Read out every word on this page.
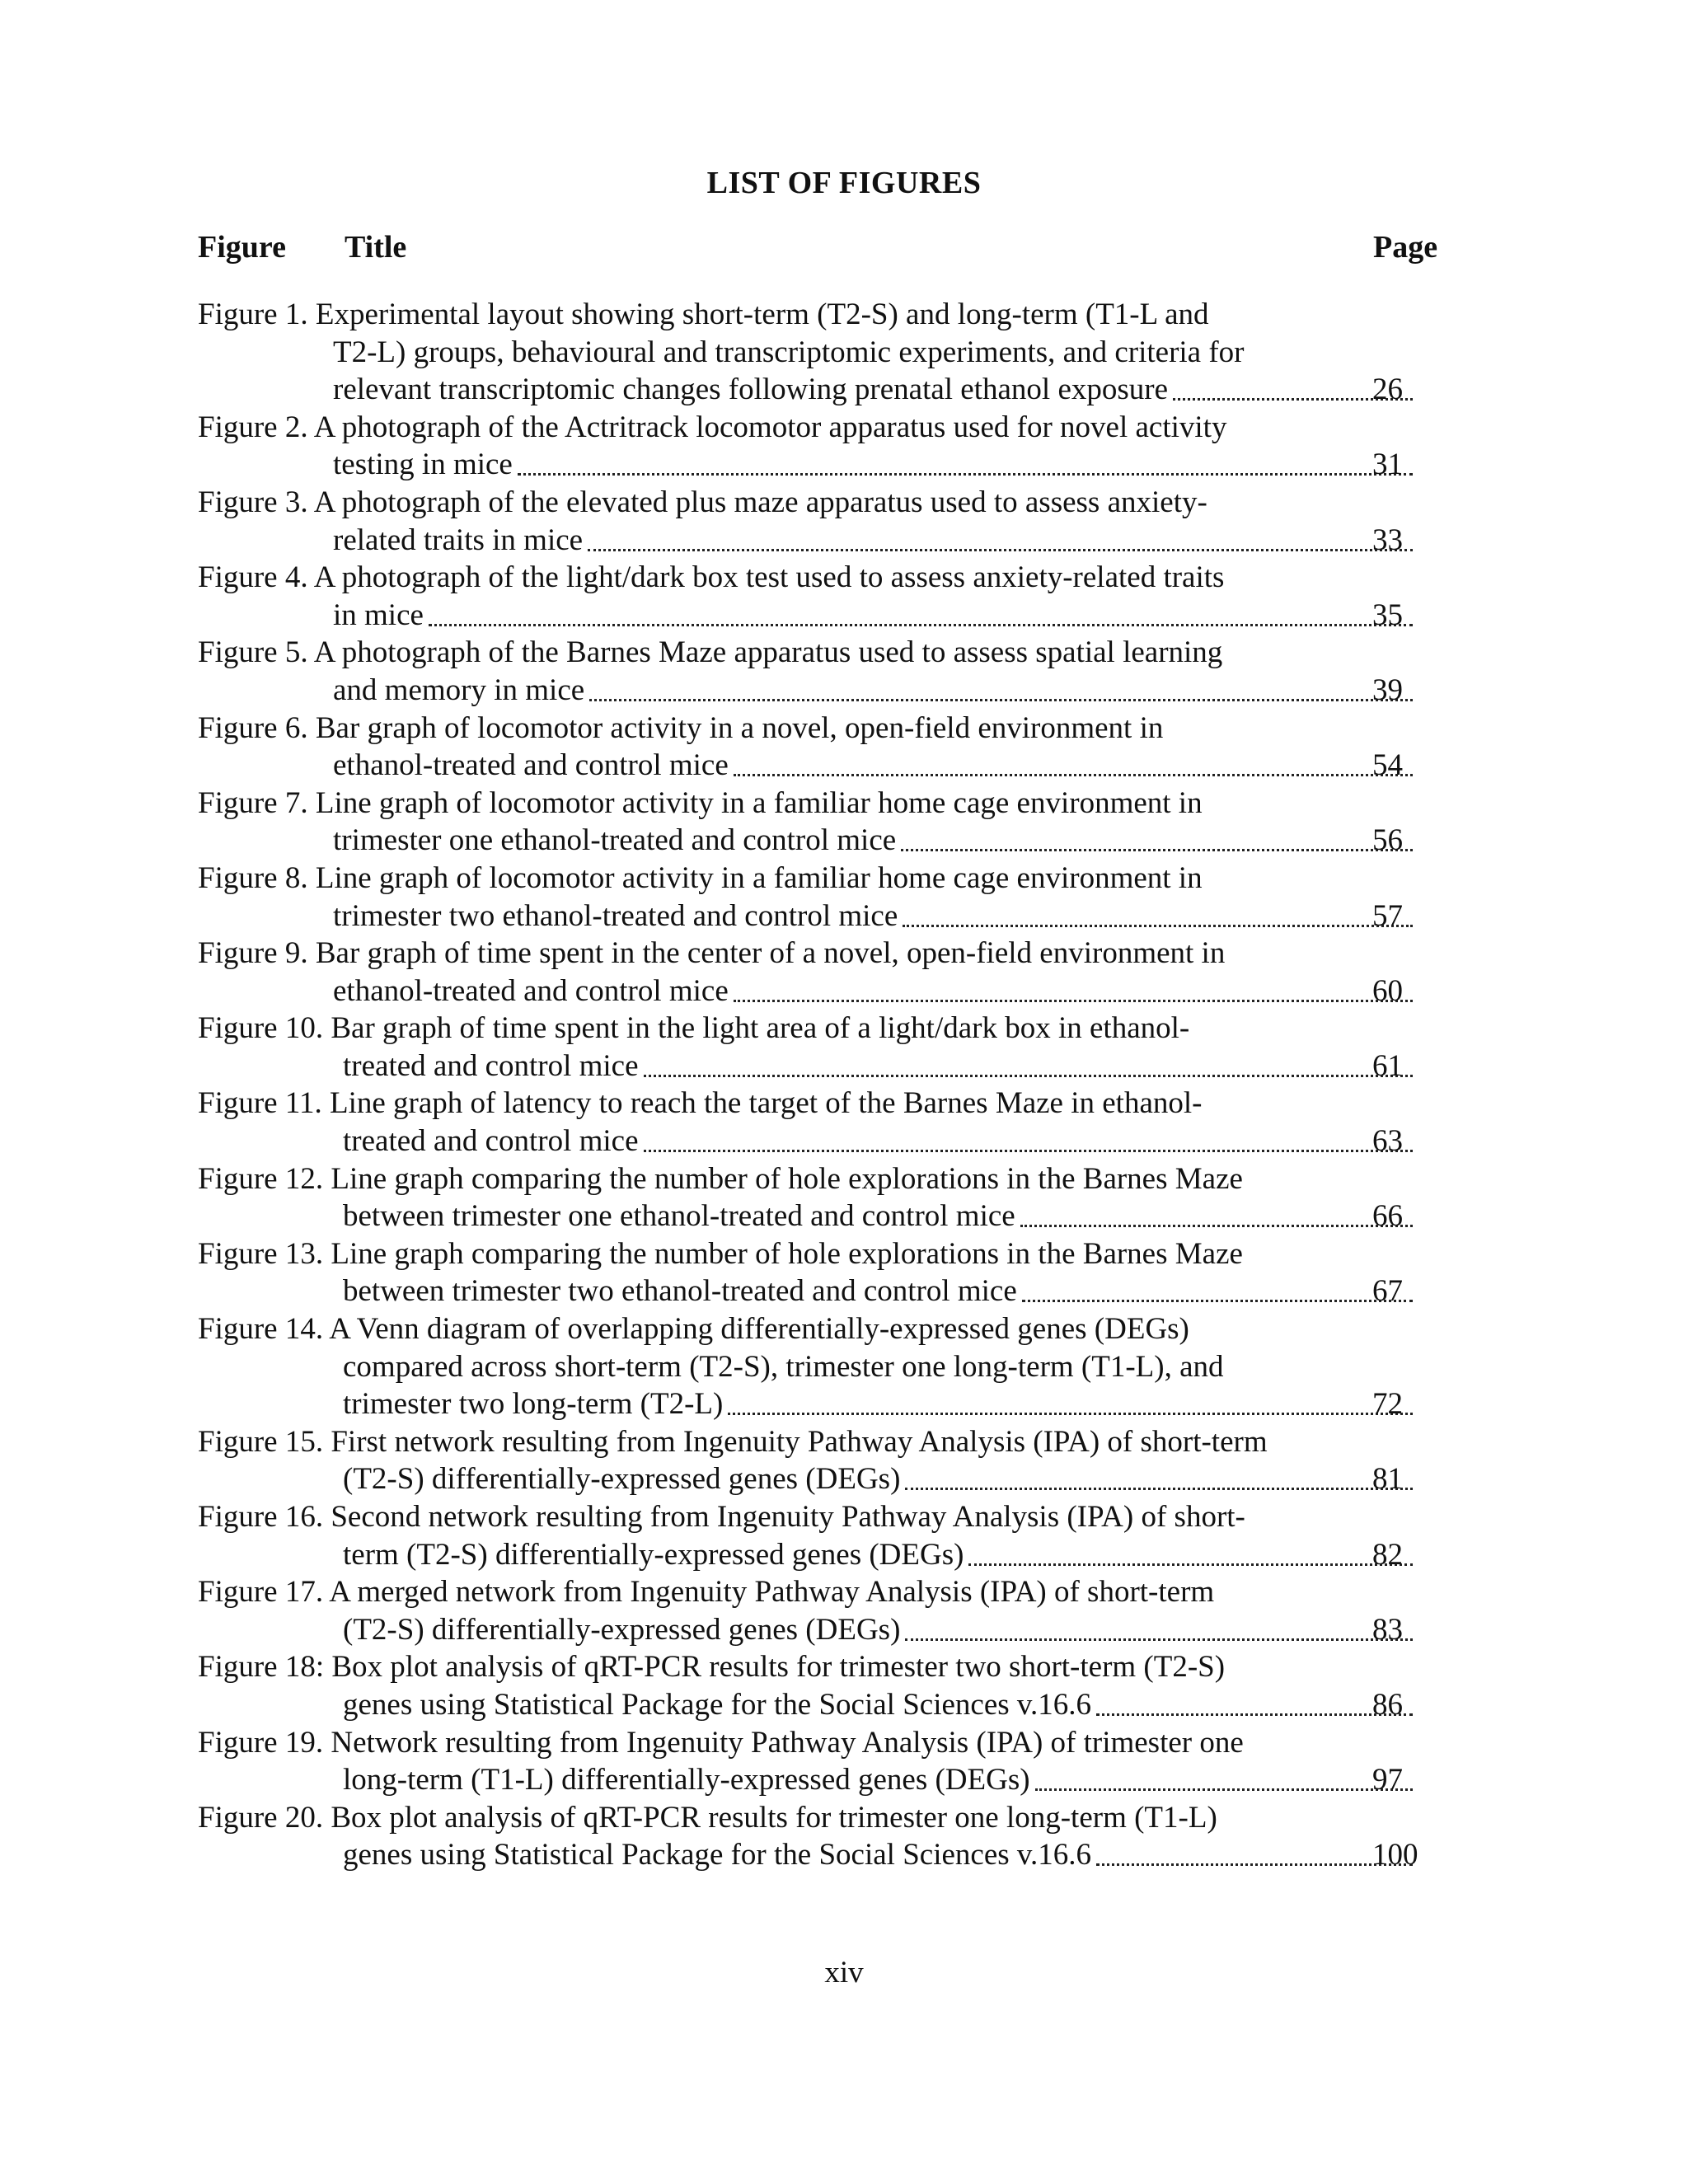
LIST OF FIGURES
Figure Title	Page
Figure 1. Experimental layout showing short-term (T2-S) and long-term (T1-L and
T2-L) groups, behavioural and transcriptomic experiments, and criteria for
relevant transcriptomic changes following prenatal ethanol exposure	26
Figure 2. A photograph of the Actritrack locomotor apparatus used for novel activity
testing in mice	31
Figure 3. A photograph of the elevated plus maze apparatus used to assess anxiety-
related traits in mice	33
Figure 4. A photograph of the light/dark box test used to assess anxiety-related traits
in mice	35
Figure 5. A photograph of the Barnes Maze apparatus used to assess spatial learning
and memory in mice	39
Figure 6. Bar graph of locomotor activity in a novel, open-field environment in
ethanol-treated and control mice	54
Figure 7. Line graph of locomotor activity in a familiar home cage environment in
trimester one ethanol-treated and control mice	56
Figure 8. Line graph of locomotor activity in a familiar home cage environment in
trimester two ethanol-treated and control mice	57
Figure 9. Bar graph of time spent in the center of a novel, open-field environment in
ethanol-treated and control mice	60
Figure 10. Bar graph of time spent in the light area of a light/dark box in ethanol-
treated and control mice	61
Figure 11. Line graph of latency to reach the target of the Barnes Maze in ethanol-
treated and control mice	63
Figure 12. Line graph comparing the number of hole explorations in the Barnes Maze
between trimester one ethanol-treated and control mice	66
Figure 13. Line graph comparing the number of hole explorations in the Barnes Maze
between trimester two ethanol-treated and control mice	67
Figure 14. A Venn diagram of overlapping differentially-expressed genes (DEGs)
compared across short-term (T2-S), trimester one long-term (T1-L), and
trimester two long-term (T2-L)	72
Figure 15. First network resulting from Ingenuity Pathway Analysis (IPA) of short-term
(T2-S) differentially-expressed genes (DEGs)	81
Figure 16. Second network resulting from Ingenuity Pathway Analysis (IPA) of short-
term (T2-S) differentially-expressed genes (DEGs)	82
Figure 17. A merged network from Ingenuity Pathway Analysis (IPA) of short-term
(T2-S) differentially-expressed genes (DEGs)	83
Figure 18: Box plot analysis of qRT-PCR results for trimester two short-term (T2-S)
genes using Statistical Package for the Social Sciences v.16.6	86
Figure 19. Network resulting from Ingenuity Pathway Analysis (IPA) of trimester one
long-term (T1-L) differentially-expressed genes (DEGs)	97
Figure 20. Box plot analysis of qRT-PCR results for trimester one long-term (T1-L)
genes using Statistical Package for the Social Sciences v.16.6	100
xiv
